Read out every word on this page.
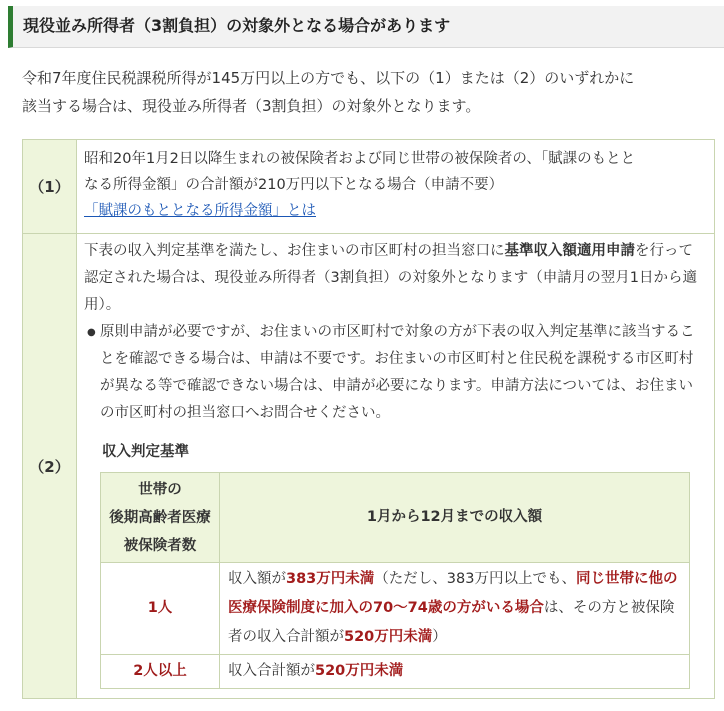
現役並み所得者（3割負担）の対象外となる場合があります
令和7年度住民税課税所得が145万円以上の方でも、以下の（1）または（2）のいずれかに
該当する場合は、現役並み所得者（3割負担）の対象外となります。
（1）	
昭和20年1月2日以降生まれの被保険者および同じ世帯の被保険者の、「賦課のもとと
なる所得金額」の合計額が210万円以下となる場合（申請不要）
「賦課のもととなる所得金額」とは
（2）	
下表の収入判定基準を満たし、お住まいの市区町村の担当窓口に基準収入額適用申請を行って認定された場合は、現役並み所得者（3割負担）の対象外となります（申請月の翌月1日から適用）。
● 原則申請が必要ですが、お住まいの市区町村で対象の方が下表の収入判定基準に該当することを確認できる場合は、申請は不要です。お住まいの市区町村と住民税を課税する市区町村が異なる等で確認できない場合は、申請が必要になります。申請方法については、お住まいの市区町村の担当窓口へお問合せください。
収入判定基準
世帯の
後期高齢者医療
被保険者数
	1月から12月までの収入額
1人	収入額が383万円未満（ただし、383万円以上でも、同じ世帯に他の医療保険制度に加入の70～74歳の方がいる場合は、その方と被保険者の収入合計額が520万円未満）
2人以上	収入合計額が520万円未満
